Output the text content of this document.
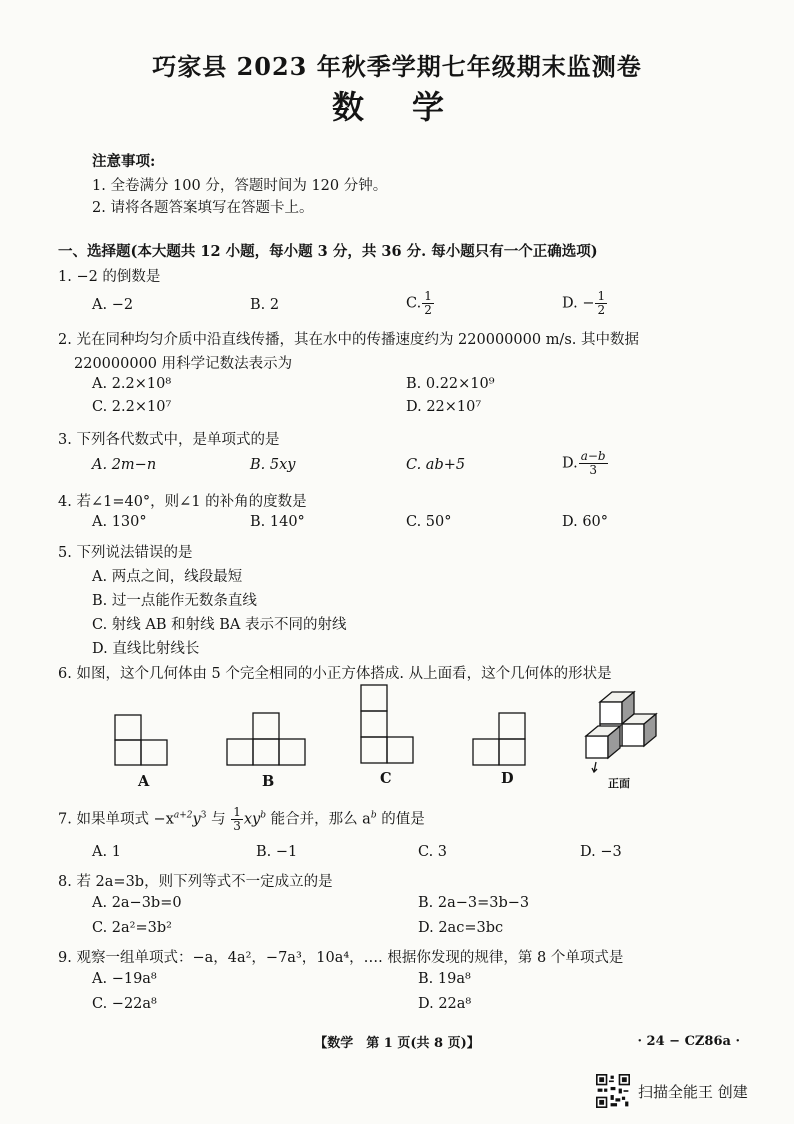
巧家县 2023 年秋季学期七年级期末监测卷
数学
注意事项:
1. 全卷满分 100 分，答题时间为 120 分钟。
2. 请将各题答案填写在答题卡上。
一、选择题(本大题共 12 小题，每小题 3 分，共 36 分. 每小题只有一个正确选项)
1. −2 的倒数是
A. −2	B. 2	C. $\frac{1}{2}$	D. − $\frac{1}{2}$
2. 光在同种均匀介质中沿直线传播，其在水中的传播速度约为 220000000 m/s. 其中数据
220000000 用科学记数法表示为
A. 2.2×10⁸	B. 0.22×10⁹
C. 2.2×10⁷	D. 22×10⁷
3. 下列各代数式中，是单项式的是
A. 2m−n	B. 5xy	C. ab+5	D. $\frac{a-b}{3}$
4. 若∠1=40°，则∠1 的补角的度数是
A. 130°	B. 140°	C. 50°	D. 60°
5. 下列说法错误的是
A. 两点之间，线段最短
B. 过一点能作无数条直线
C. 射线 AB 和射线 BA 表示不同的射线
D. 直线比射线长
6. 如图，这个几何体由 5 个完全相同的小正方体搭成. 从上面看，这个几何体的形状是
A	B	C	D	正面
7. 如果单项式 $-x^{a+2}y^3$ 与 $\frac{1}{3} xy^b$ 能合并，那么 $a^b$ 的值是
A. 1	B. −1	C. 3	D. −3
8. 若 2a=3b，则下列等式不一定成立的是
A. 2a−3b=0	B. 2a−3=3b−3
C. 2a²=3b²	D. 2ac=3bc
9. 观察一组单项式：−a，4a²，−7a³，10a⁴，…. 根据你发现的规律，第 8 个单项式是
A. −19a⁸	B. 19a⁸
C. −22a⁸	D. 22a⁸
【数学　第 1 页(共 8 页)】	· 24 − CZ86a ·
扫描全能王 创建
